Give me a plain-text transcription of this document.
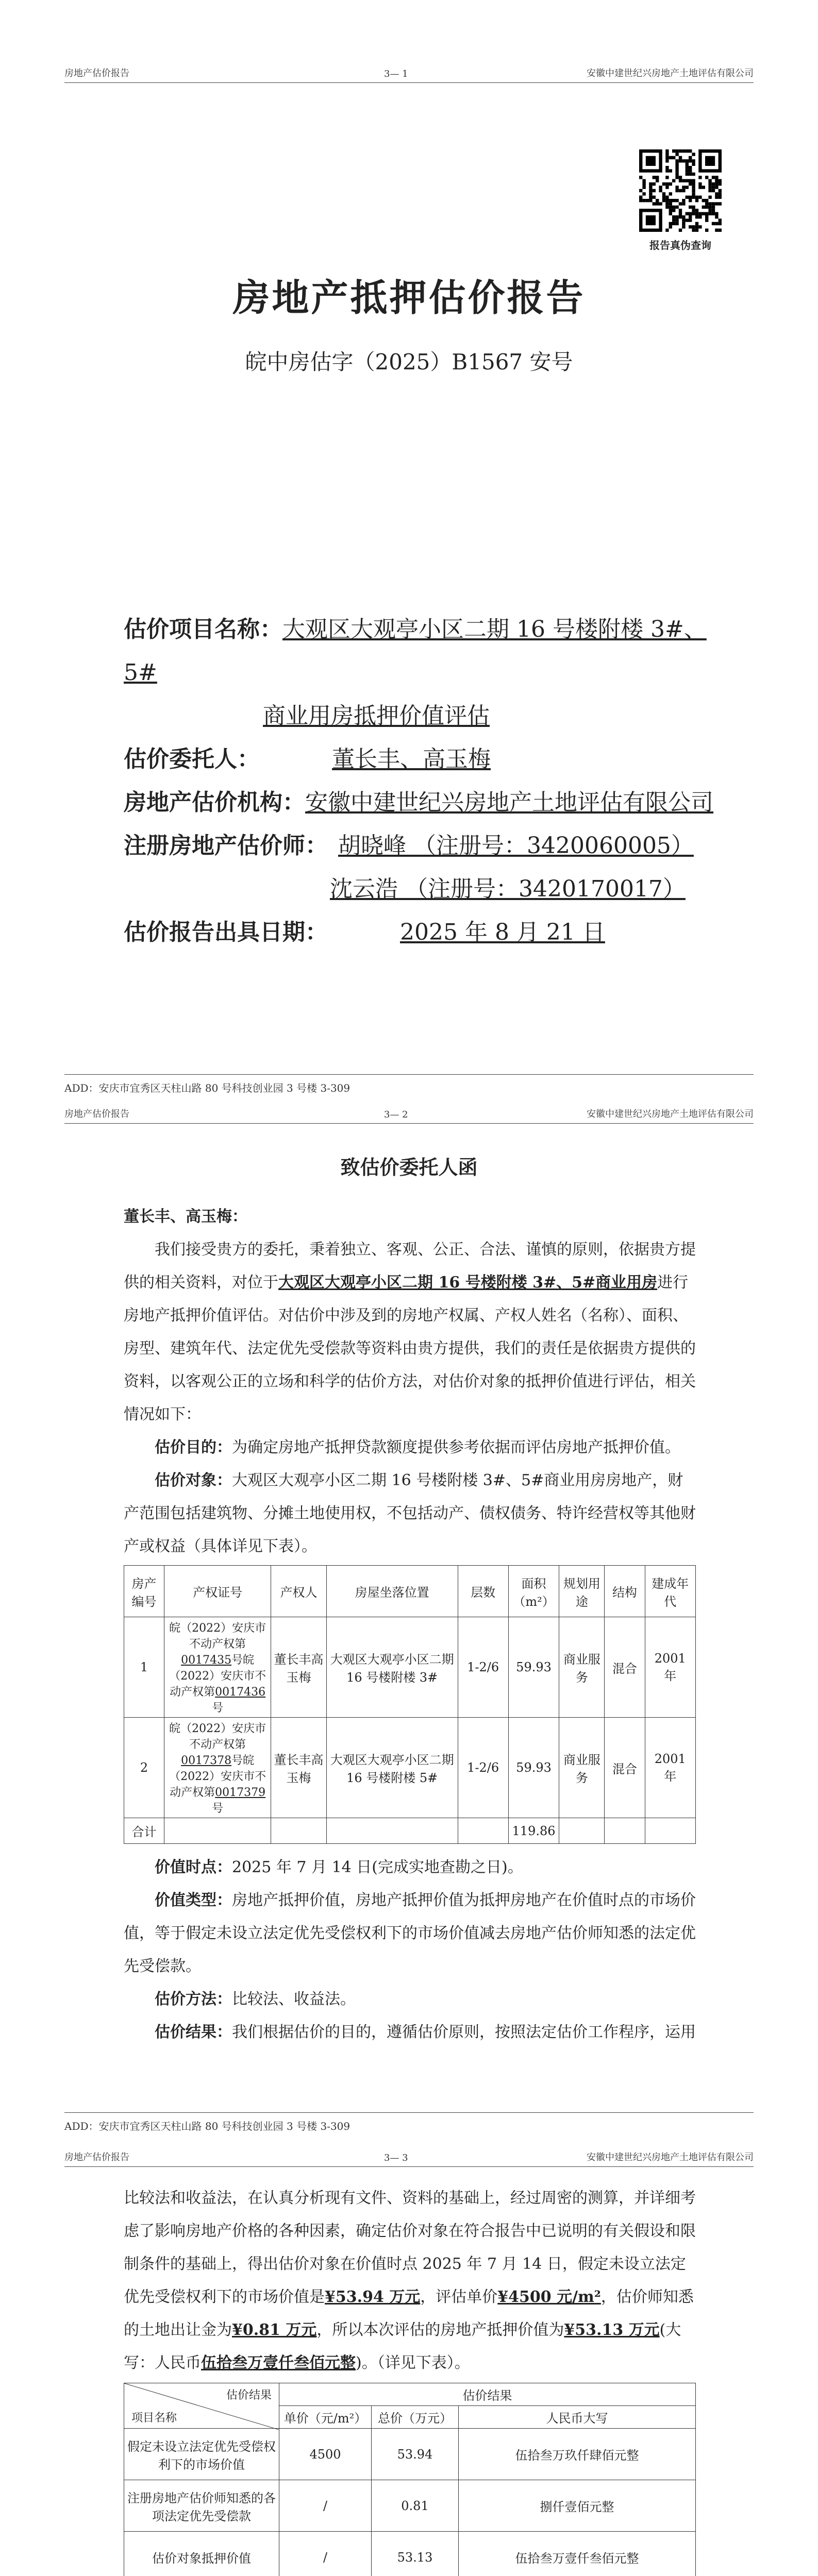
房地产估价报告	3— 1	安徽中建世纪兴房地产土地评估有限公司
报告真伪查询
房地产抵押估价报告
皖中房估字（2025）B1567 安号
估价项目名称：大观区大观亭小区二期 16 号楼附楼 3#、5#
商业用房抵押价值评估
估价委托人：	董长丰、高玉梅
房地产估价机构：安徽中建世纪兴房地产土地评估有限公司
注册房地产估价师： 胡晓峰 （注册号：3420060005）
沈云浩 （注册号：3420170017）
估价报告出具日期：	2025 年 8 月 21 日
ADD：安庆市宜秀区天柱山路 80 号科技创业园 3 号楼 3-309
房地产估价报告	3— 2	安徽中建世纪兴房地产土地评估有限公司
致估价委托人函

董长丰、高玉梅：

我们接受贵方的委托，秉着独立、客观、公正、合法、谨慎的原则，依据贵方提供的相关资料，对位于大观区大观亭小区二期 16 号楼附楼 3#、5#商业用房进行房地产抵押价值评估。对估价中涉及到的房地产权属、产权人姓名（名称）、面积、房型、建筑年代、法定优先受偿款等资料由贵方提供，我们的责任是依据贵方提供的资料，以客观公正的立场和科学的估价方法，对估价对象的抵押价值进行评估，相关情况如下：

估价目的：为确定房地产抵押贷款额度提供参考依据而评估房地产抵押价值。

估价对象：大观区大观亭小区二期 16 号楼附楼 3#、5#商业用房房地产，财产范围包括建筑物、分摊土地使用权，不包括动产、债权债务、特许经营权等其他财产或权益（具体详见下表）。

房产编号	产权证号	产权人	房屋坐落位置	层数	面积（m²）	规划用途	结构	建成年代
1	皖（2022）安庆市不动产权第0017435号皖（2022）安庆市不动产权第0017436号	董长丰高玉梅	大观区大观亭小区二期 16 号楼附楼 3#	1-2/6	59.93	商业服务	混合	2001 年
2	皖（2022）安庆市不动产权第0017378号皖（2022）安庆市不动产权第0017379号	董长丰高玉梅	大观区大观亭小区二期 16 号楼附楼 5#	1-2/6	59.93	商业服务	混合	2001 年
合计					119.86			

价值时点：2025 年 7 月 14 日(完成实地查勘之日)。

价值类型：房地产抵押价值，房地产抵押价值为抵押房地产在价值时点的市场价值，等于假定未设立法定优先受偿权利下的市场价值减去房地产估价师知悉的法定优先受偿款。

估价方法：比较法、收益法。

估价结果：我们根据估价的目的，遵循估价原则，按照法定估价工作程序，运用

ADD：安庆市宜秀区天柱山路 80 号科技创业园 3 号楼 3-309
房地产估价报告	3— 3	安徽中建世纪兴房地产土地评估有限公司

比较法和收益法，在认真分析现有文件、资料的基础上，经过周密的测算，并详细考虑了影响房地产价格的各种因素，确定估价对象在符合报告中已说明的有关假设和限制条件的基础上，得出估价对象在价值时点 2025 年 7 月 14 日，假定未设立法定优先受偿权利下的市场价值是¥53.94 万元，评估单价¥4500 元/m²，估价师知悉的土地出让金为¥0.81 万元，所以本次评估的房地产抵押价值为¥53.13 万元(大写：人民币伍拾叁万壹仟叁佰元整)。（详见下表）。

估价结果
项目名称	估价结果		
	单价（元/m²）	总价（万元）	人民币大写
假定未设立法定优先受偿权利下的市场价值	4500	53.94	伍拾叁万玖仟肆佰元整
注册房地产估价师知悉的各项法定优先受偿款	/	0.81	捌仟壹佰元整
估价对象抵押价值	/	53.13	伍拾叁万壹仟叁佰元整
